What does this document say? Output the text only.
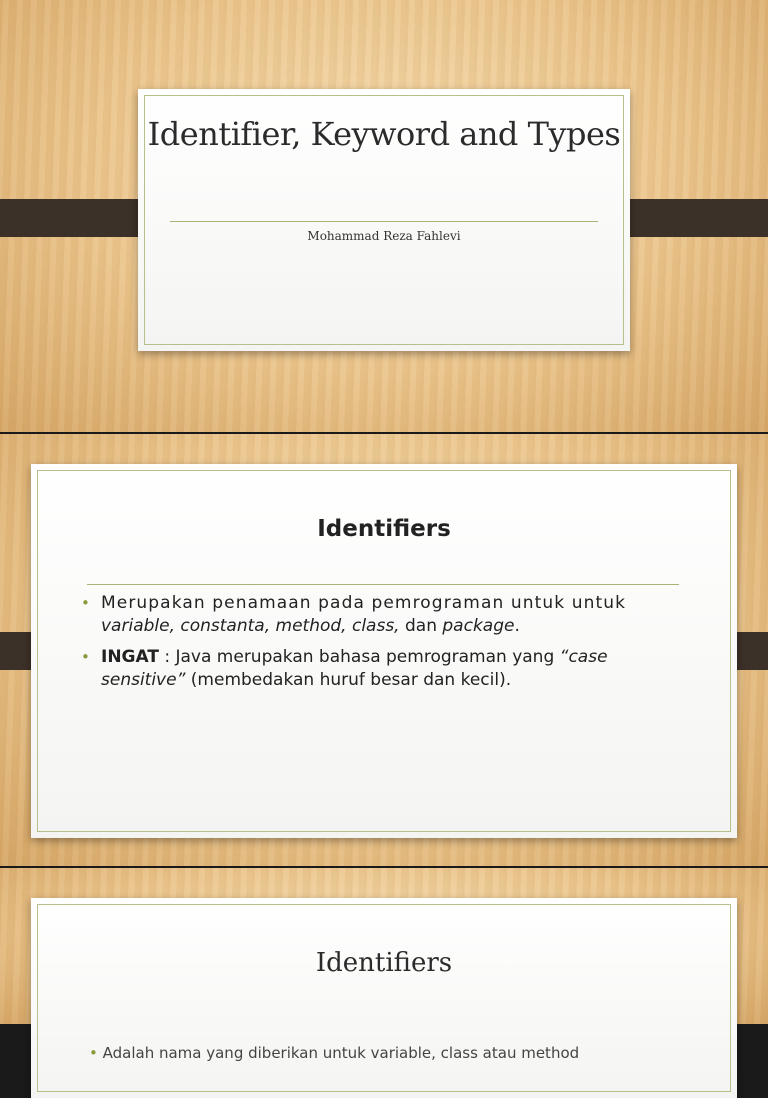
Identifier, Keyword and Types
Mohammad Reza Fahlevi
Identifiers
• Merupakan penamaan pada pemrograman untuk untuk
variable, constanta, method, class, dan package.
• INGAT : Java merupakan bahasa pemrograman yang “case sensitive” (membedakan huruf besar dan kecil).
Identifiers
• Adalah nama yang diberikan untuk variable, class atau method
